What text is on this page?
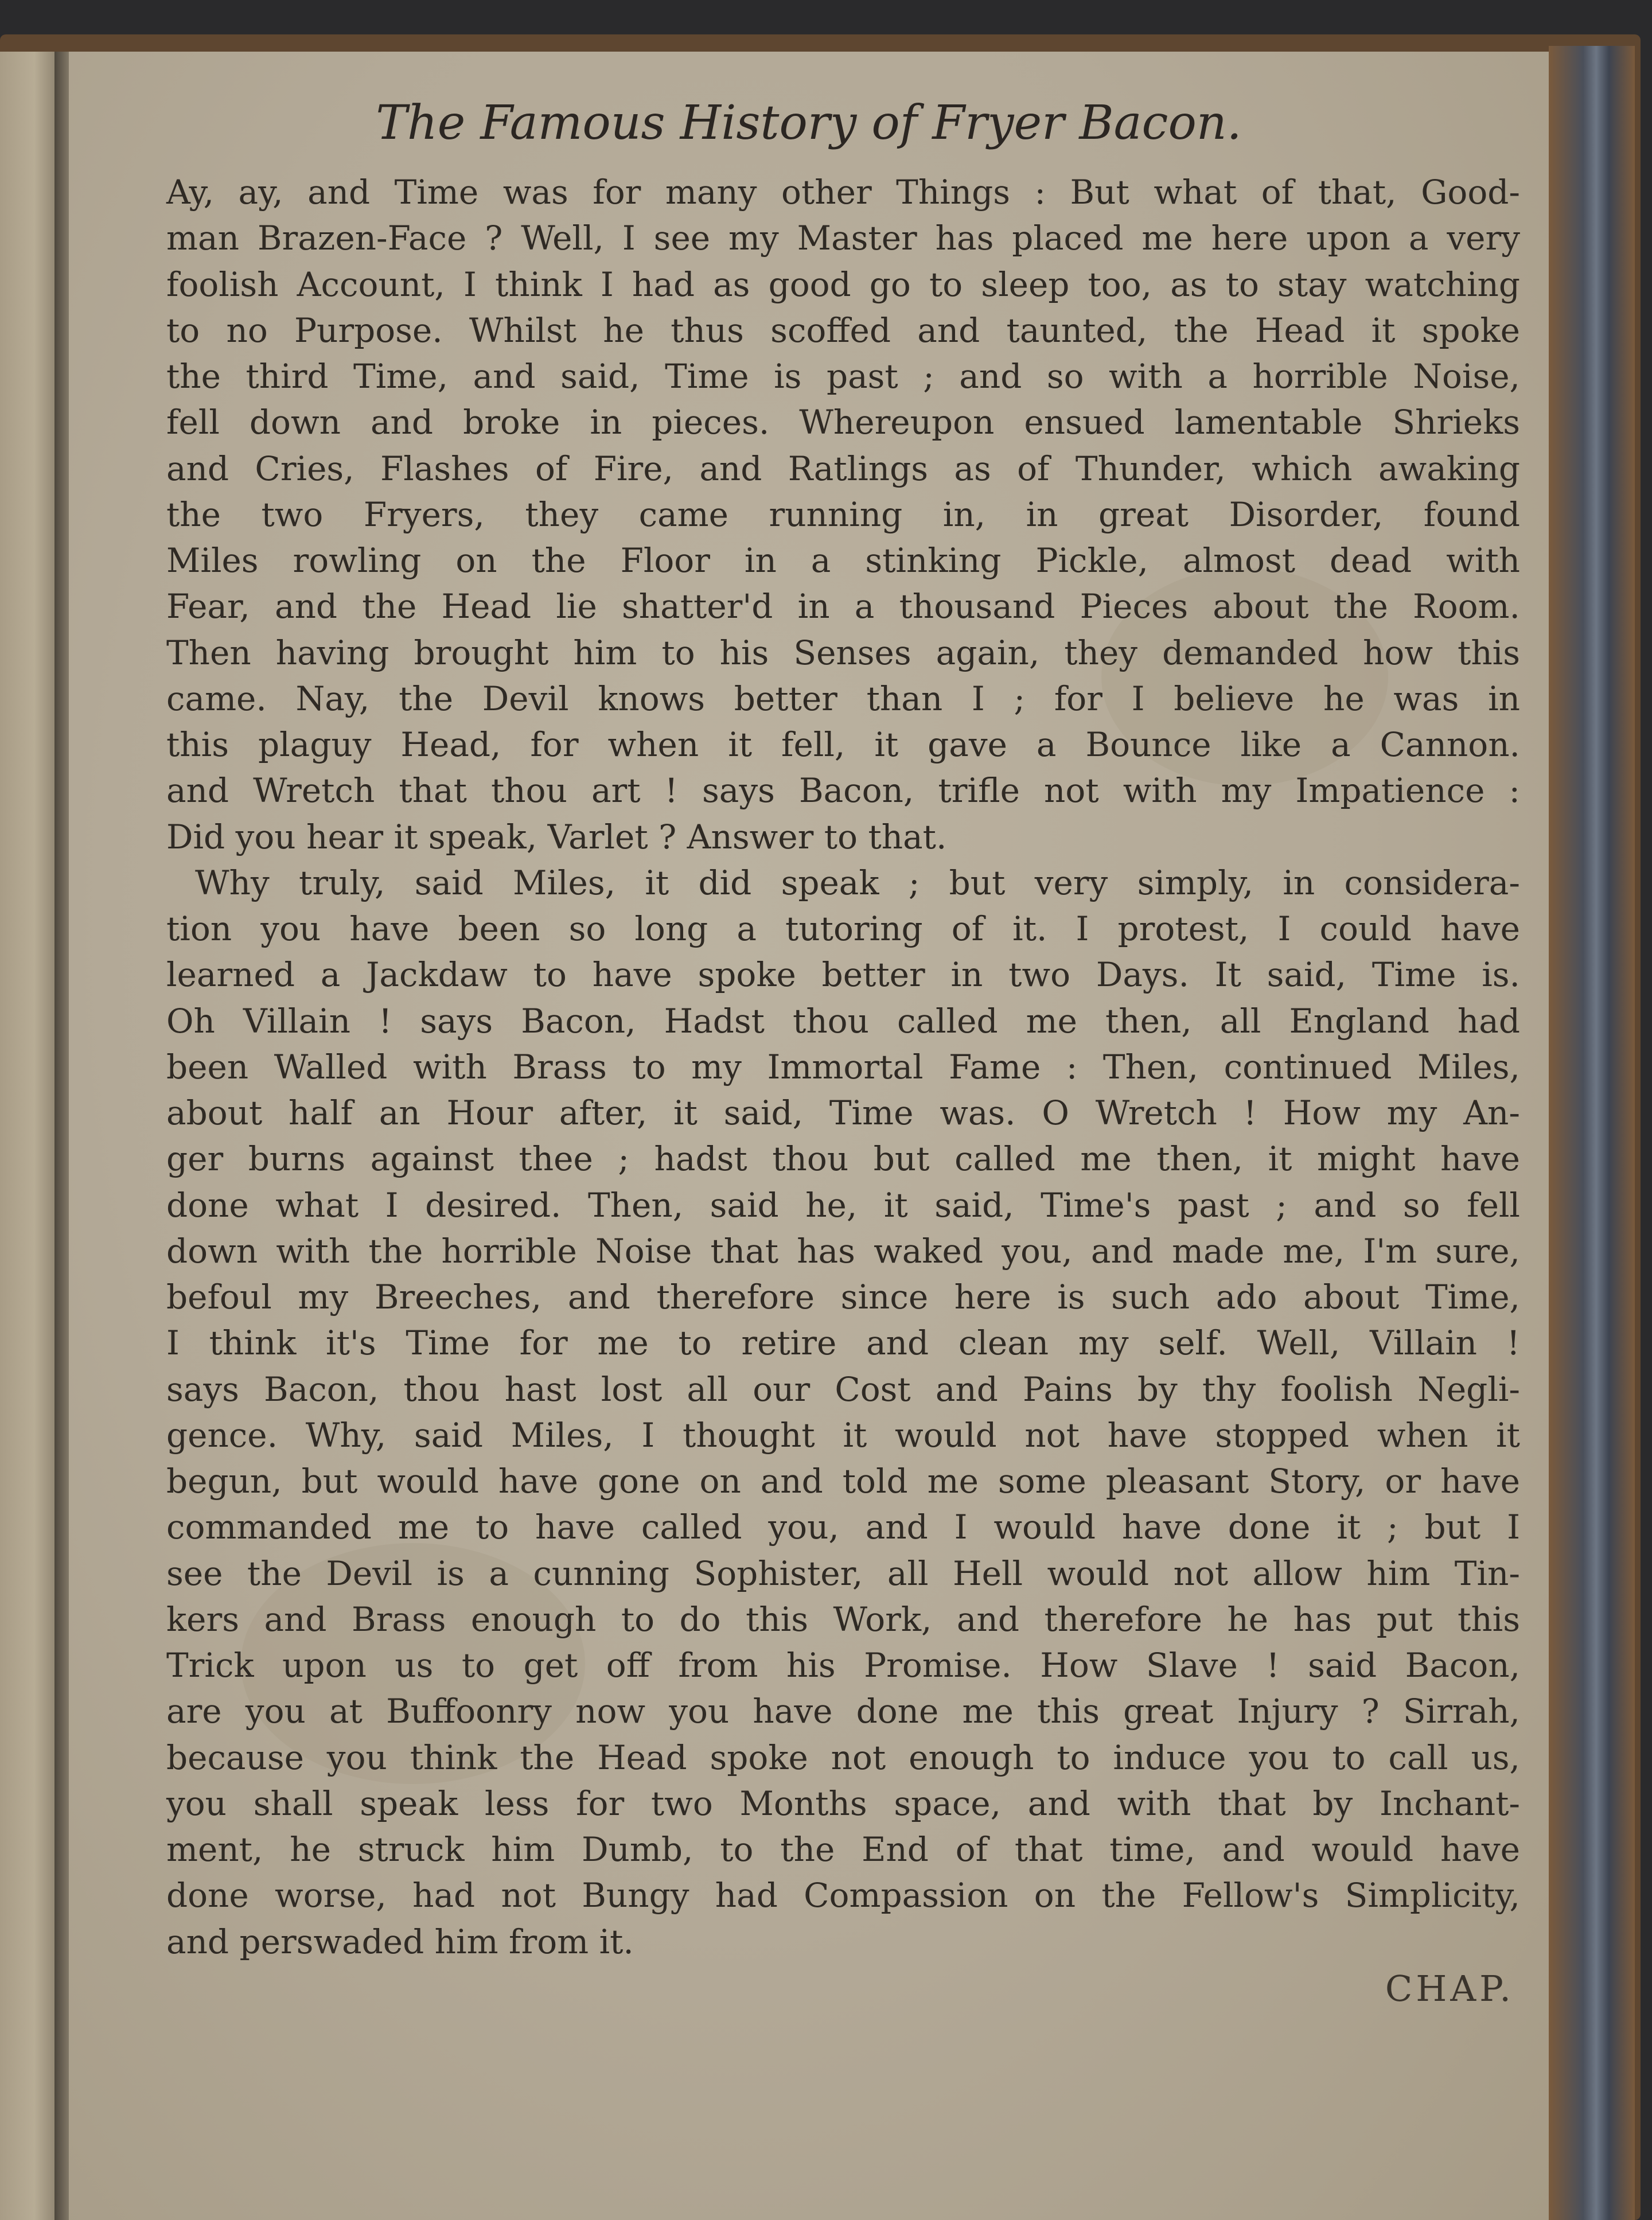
The Famous History of Fryer Bacon.
Ay, ay, and Time was for many other Things : But what of that, Good-
man Brazen-Face ? Well, I see my Master has placed me here upon a very
foolish Account, I think I had as good go to sleep too, as to stay watching
to no Purpose. Whilst he thus scoffed and taunted, the Head it spoke
the third Time, and said, Time is past ; and so with a horrible Noise,
fell down and broke in pieces. Whereupon ensued lamentable Shrieks
and Cries, Flashes of Fire, and Ratlings as of Thunder, which awaking
the two Fryers, they came running in, in great Disorder, found
Miles rowling on the Floor in a stinking Pickle, almost dead with
Fear, and the Head lie shatter'd in a thousand Pieces about the Room.
Then having brought him to his Senses again, they demanded how this
came. Nay, the Devil knows better than I ; for I believe he was in
this plaguy Head, for when it fell, it gave a Bounce like a Cannon.
and Wretch that thou art ! says Bacon, trifle not with my Impatience :
Did you hear it speak, Varlet ? Answer to that.
Why truly, said Miles, it did speak ; but very simply, in considera-
tion you have been so long a tutoring of it. I protest, I could have
learned a Jackdaw to have spoke better in two Days. It said, Time is.
Oh Villain ! says Bacon, Hadst thou called me then, all England had
been Walled with Brass to my Immortal Fame : Then, continued Miles,
about half an Hour after, it said, Time was. O Wretch ! How my An-
ger burns against thee ; hadst thou but called me then, it might have
done what I desired. Then, said he, it said, Time's past ; and so fell
down with the horrible Noise that has waked you, and made me, I'm sure,
befoul my Breeches, and therefore since here is such ado about Time,
I think it's Time for me to retire and clean my self. Well, Villain !
says Bacon, thou hast lost all our Cost and Pains by thy foolish Negli-
gence. Why, said Miles, I thought it would not have stopped when it
begun, but would have gone on and told me some pleasant Story, or have
commanded me to have called you, and I would have done it ; but I
see the Devil is a cunning Sophister, all Hell would not allow him Tin-
kers and Brass enough to do this Work, and therefore he has put this
Trick upon us to get off from his Promise. How Slave ! said Bacon,
are you at Buffoonry now you have done me this great Injury ? Sirrah,
because you think the Head spoke not enough to induce you to call us,
you shall speak less for two Months space, and with that by Inchant-
ment, he struck him Dumb, to the End of that time, and would have
done worse, had not Bungy had Compassion on the Fellow's Simplicity,
and perswaded him from it.
CHAP.
